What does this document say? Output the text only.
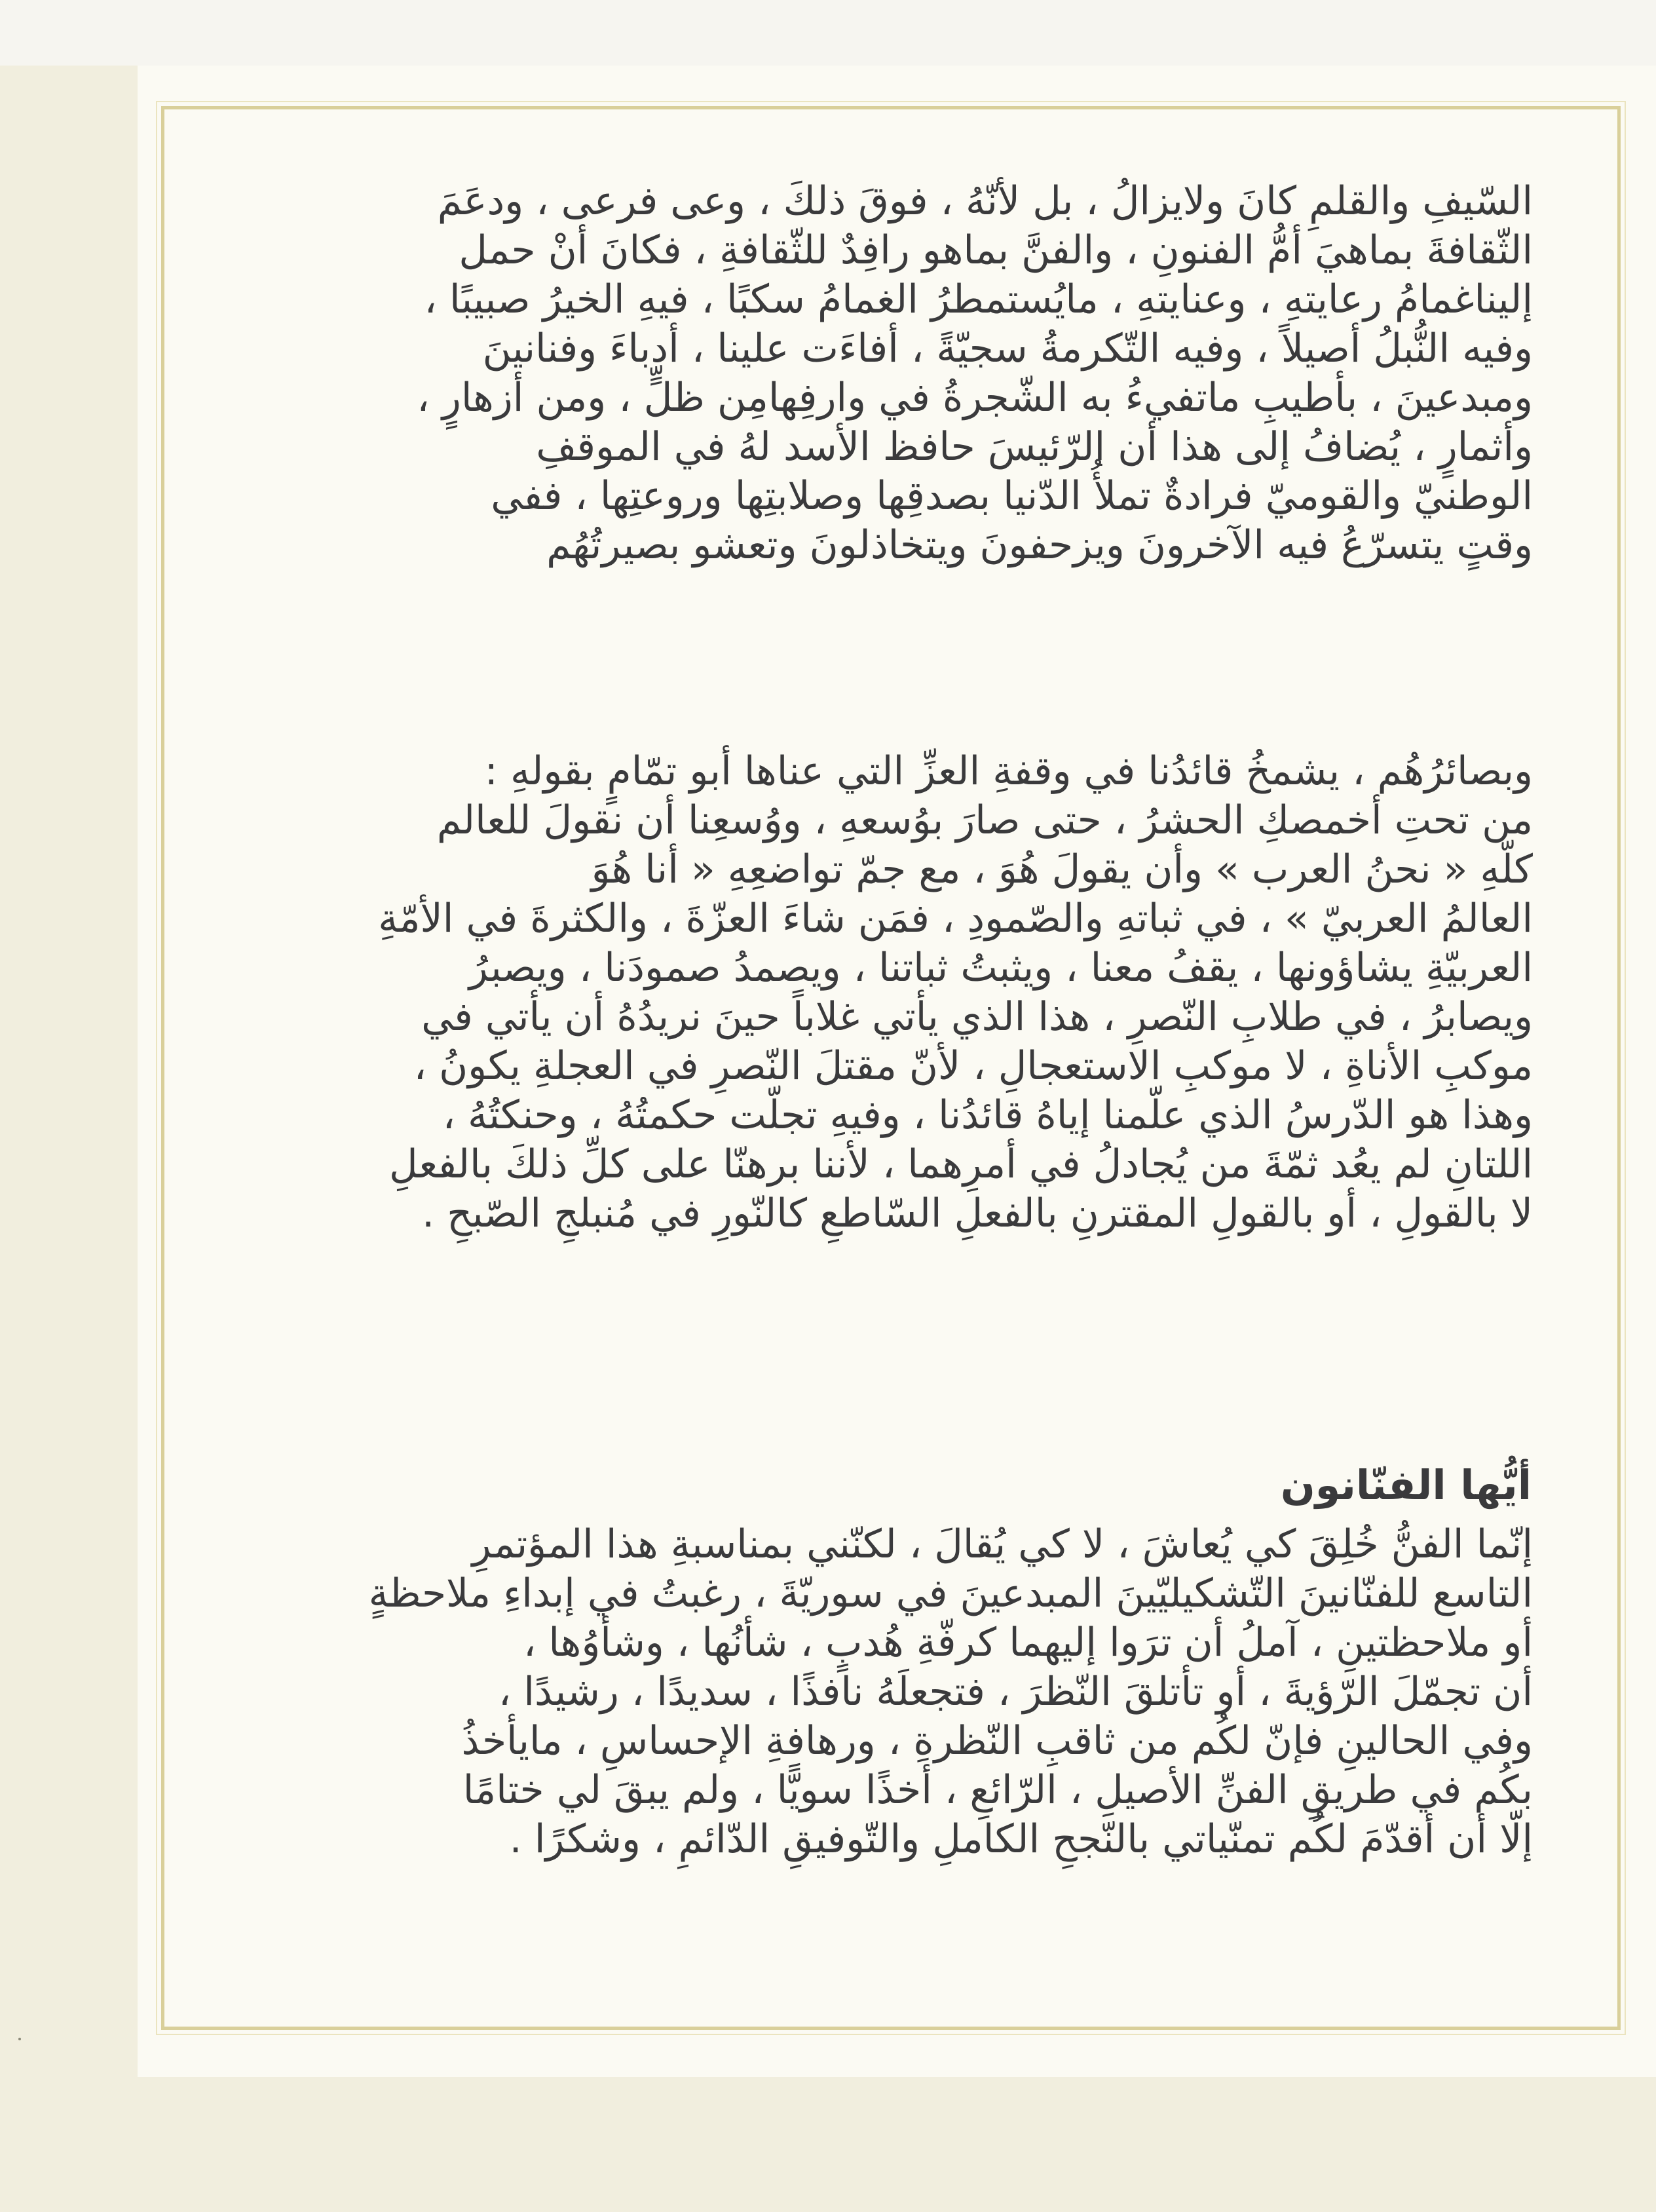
السّيفِ والقلمِ كانَ ولايزالُ ، بل لأنّهُ ، فوقَ ذلكَ ، وعى فرعى ، ودعَمَ
الثّقافةَ بماهيَ أمُّ الفنونِ ، والفنَّ بماهو رافِدٌ للثّقافةِ ، فكانَ أنْ حمل
إليناغمامُ رعايتهِ ، وعنايتهِ ، مايُستمطرُ الغمامُ سكبًا ، فيهِ الخيرُ صبيبًا ،
وفيه النُّبلُ أصيلاً ، وفيه التّكرمةُ سجيّةً ، أفاءَت علينا ، أدباءَ وفنانينَ
ومبدعينَ ، بأطيبِ ماتفيءُ به الشّجرةُ في وارفِهامِن ظلٍّ ، ومن أزهارٍ ،
وأثمارٍ ، يُضافُ إلى هذا أن الرّئيسَ حافظ الأسد لهُ في الموقفِ
الوطنيّ والقوميّ فرادةٌ تملأُ الدّنيا بصدقِها وصلابتِها وروعتِها ، ففي
وقتٍ يتسرّعُ فيه الآخرونَ ويزحفونَ ويتخاذلونَ وتعشو بصيرتُهُم
وبصائرُهُم ، يشمخُ قائدُنا في وقفةِ العزِّ التي عناها أبو تمّامٍ بقولهِ :
من تحتِ أخمصكِ الحشرُ ، حتى صارَ بوُسعهِ ، ووُسعِنا أن نقولَ للعالم
كلّهِ « نحنُ العرب » وأن يقولَ هُوَ ، مع جمّ تواضعِهِ « أنا هُوَ
العالمُ العربيّ » ، في ثباتهِ والصّمودِ ، فمَن شاءَ العزّةَ ، والكثرةَ في الأمّةِ
العربيّةِ يشاؤونها ، يقفُ معنا ، ويثبتُ ثباتنا ، ويصمدُ صمودَنا ، ويصبرُ
ويصابرُ ، في طلابِ النّصرِ ، هذا الذي يأتي غلاباً حينَ نريدُهُ أن يأتي في
موكبِ الأناةِ ، لا موكبِ الاستعجالِ ، لأنّ مقتلَ النّصرِ في العجلةِ يكونُ ،
وهذا هو الدّرسُ الذي علّمنا إياهُ قائدُنا ، وفيهِ تجلّت حكمتُهُ ، وحنكتُهُ ،
اللتانِ لم يعُد ثمّةَ من يُجادلُ في أمرِهما ، لأننا برهنّا على كلِّ ذلكَ بالفعلِ
لا بالقولِ ، أو بالقولِ المقترنِ بالفعلِ السّاطعِ كالنّورِ في مُنبلجِ الصّبحِ .
أيُّها الفنّانون
إنّما الفنُّ خُلِقَ كي يُعاشَ ، لا كي يُقالَ ، لكنّني بمناسبةِ هذا المؤتمرِ
التاسع للفنّانينَ التّشكيليّينَ المبدعينَ في سوريّةَ ، رغبتُ في إبداءِ ملاحظةٍ
أو ملاحظتينِ ، آملُ أن ترَوا إليهما كرفّةِ هُدبٍ ، شأنُها ، وشأوُها ،
أن تجمّلَ الرّؤيةَ ، أو تأتلقَ النّظرَ ، فتجعلَهُ نافذًا ، سديدًا ، رشيدًا ،
وفي الحالينِ فإنّ لكُم من ثاقبِ النّظرةِ ، ورهافةِ الإحساسِ ، مايأخذُ
بكُم في طريقِ الفنِّ الأصيلِ ، الرّائعِ ، أخذًا سويًّا ، ولم يبقَ لي ختامًا
إلّا أن أقدّمَ لكُم تمنّياتي بالنّجحِ الكاملِ والتّوفيقِ الدّائمِ ، وشكرًا .
